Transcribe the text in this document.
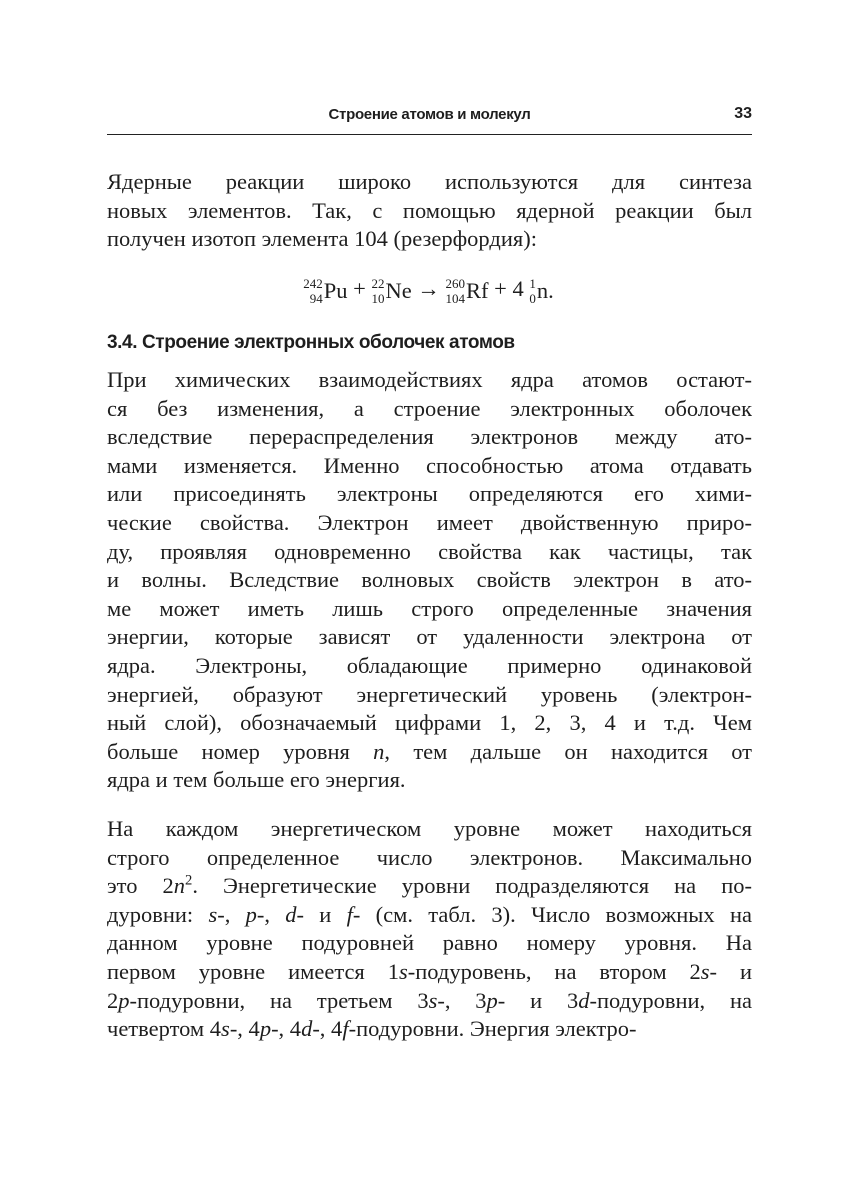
Строение атомов и молекул	33
Ядерные реакции широко используются для синтеза
новых элементов. Так, с помощью ядерной реакции был
получен изотоп элемента 104 (резерфордия):
242
94 Pu + 22
10 Ne → 260
104 Rf + 4 1
0 n.
3.4. Строение электронных оболочек атомов
При химических взаимодействиях ядра атомов остают-
ся без изменения, а строение электронных оболочек
вследствие перераспределения электронов между ато-
мами изменяется. Именно способностью атома отдавать
или присоединять электроны определяются его хими-
ческие свойства. Электрон имеет двойственную приро-
ду, проявляя одновременно свойства как частицы, так
и волны. Вследствие волновых свойств электрон в ато-
ме может иметь лишь строго определенные значения
энергии, которые зависят от удаленности электрона от
ядра. Электроны, обладающие примерно одинаковой
энергией, образуют энергетический уровень (электрон-
ный слой), обозначаемый цифрами 1, 2, 3, 4 и т.д. Чем
больше номер уровня n, тем дальше он находится от
ядра и тем больше его энергия.
На каждом энергетическом уровне может находиться
строго определенное число электронов. Максимально
это $2n^2$. Энергетические уровни подразделяются на по-
дуровни: s-, p-, d- и f- (см. табл. 3). Число возможных на
данном уровне подуровней равно номеру уровня. На
первом уровне имеется 1s-подуровень, на втором 2s- и
2p-подуровни, на третьем 3s-, 3p- и 3d-подуровни, на
четвертом 4s-, 4p-, 4d-, 4f-подуровни. Энергия электро-
